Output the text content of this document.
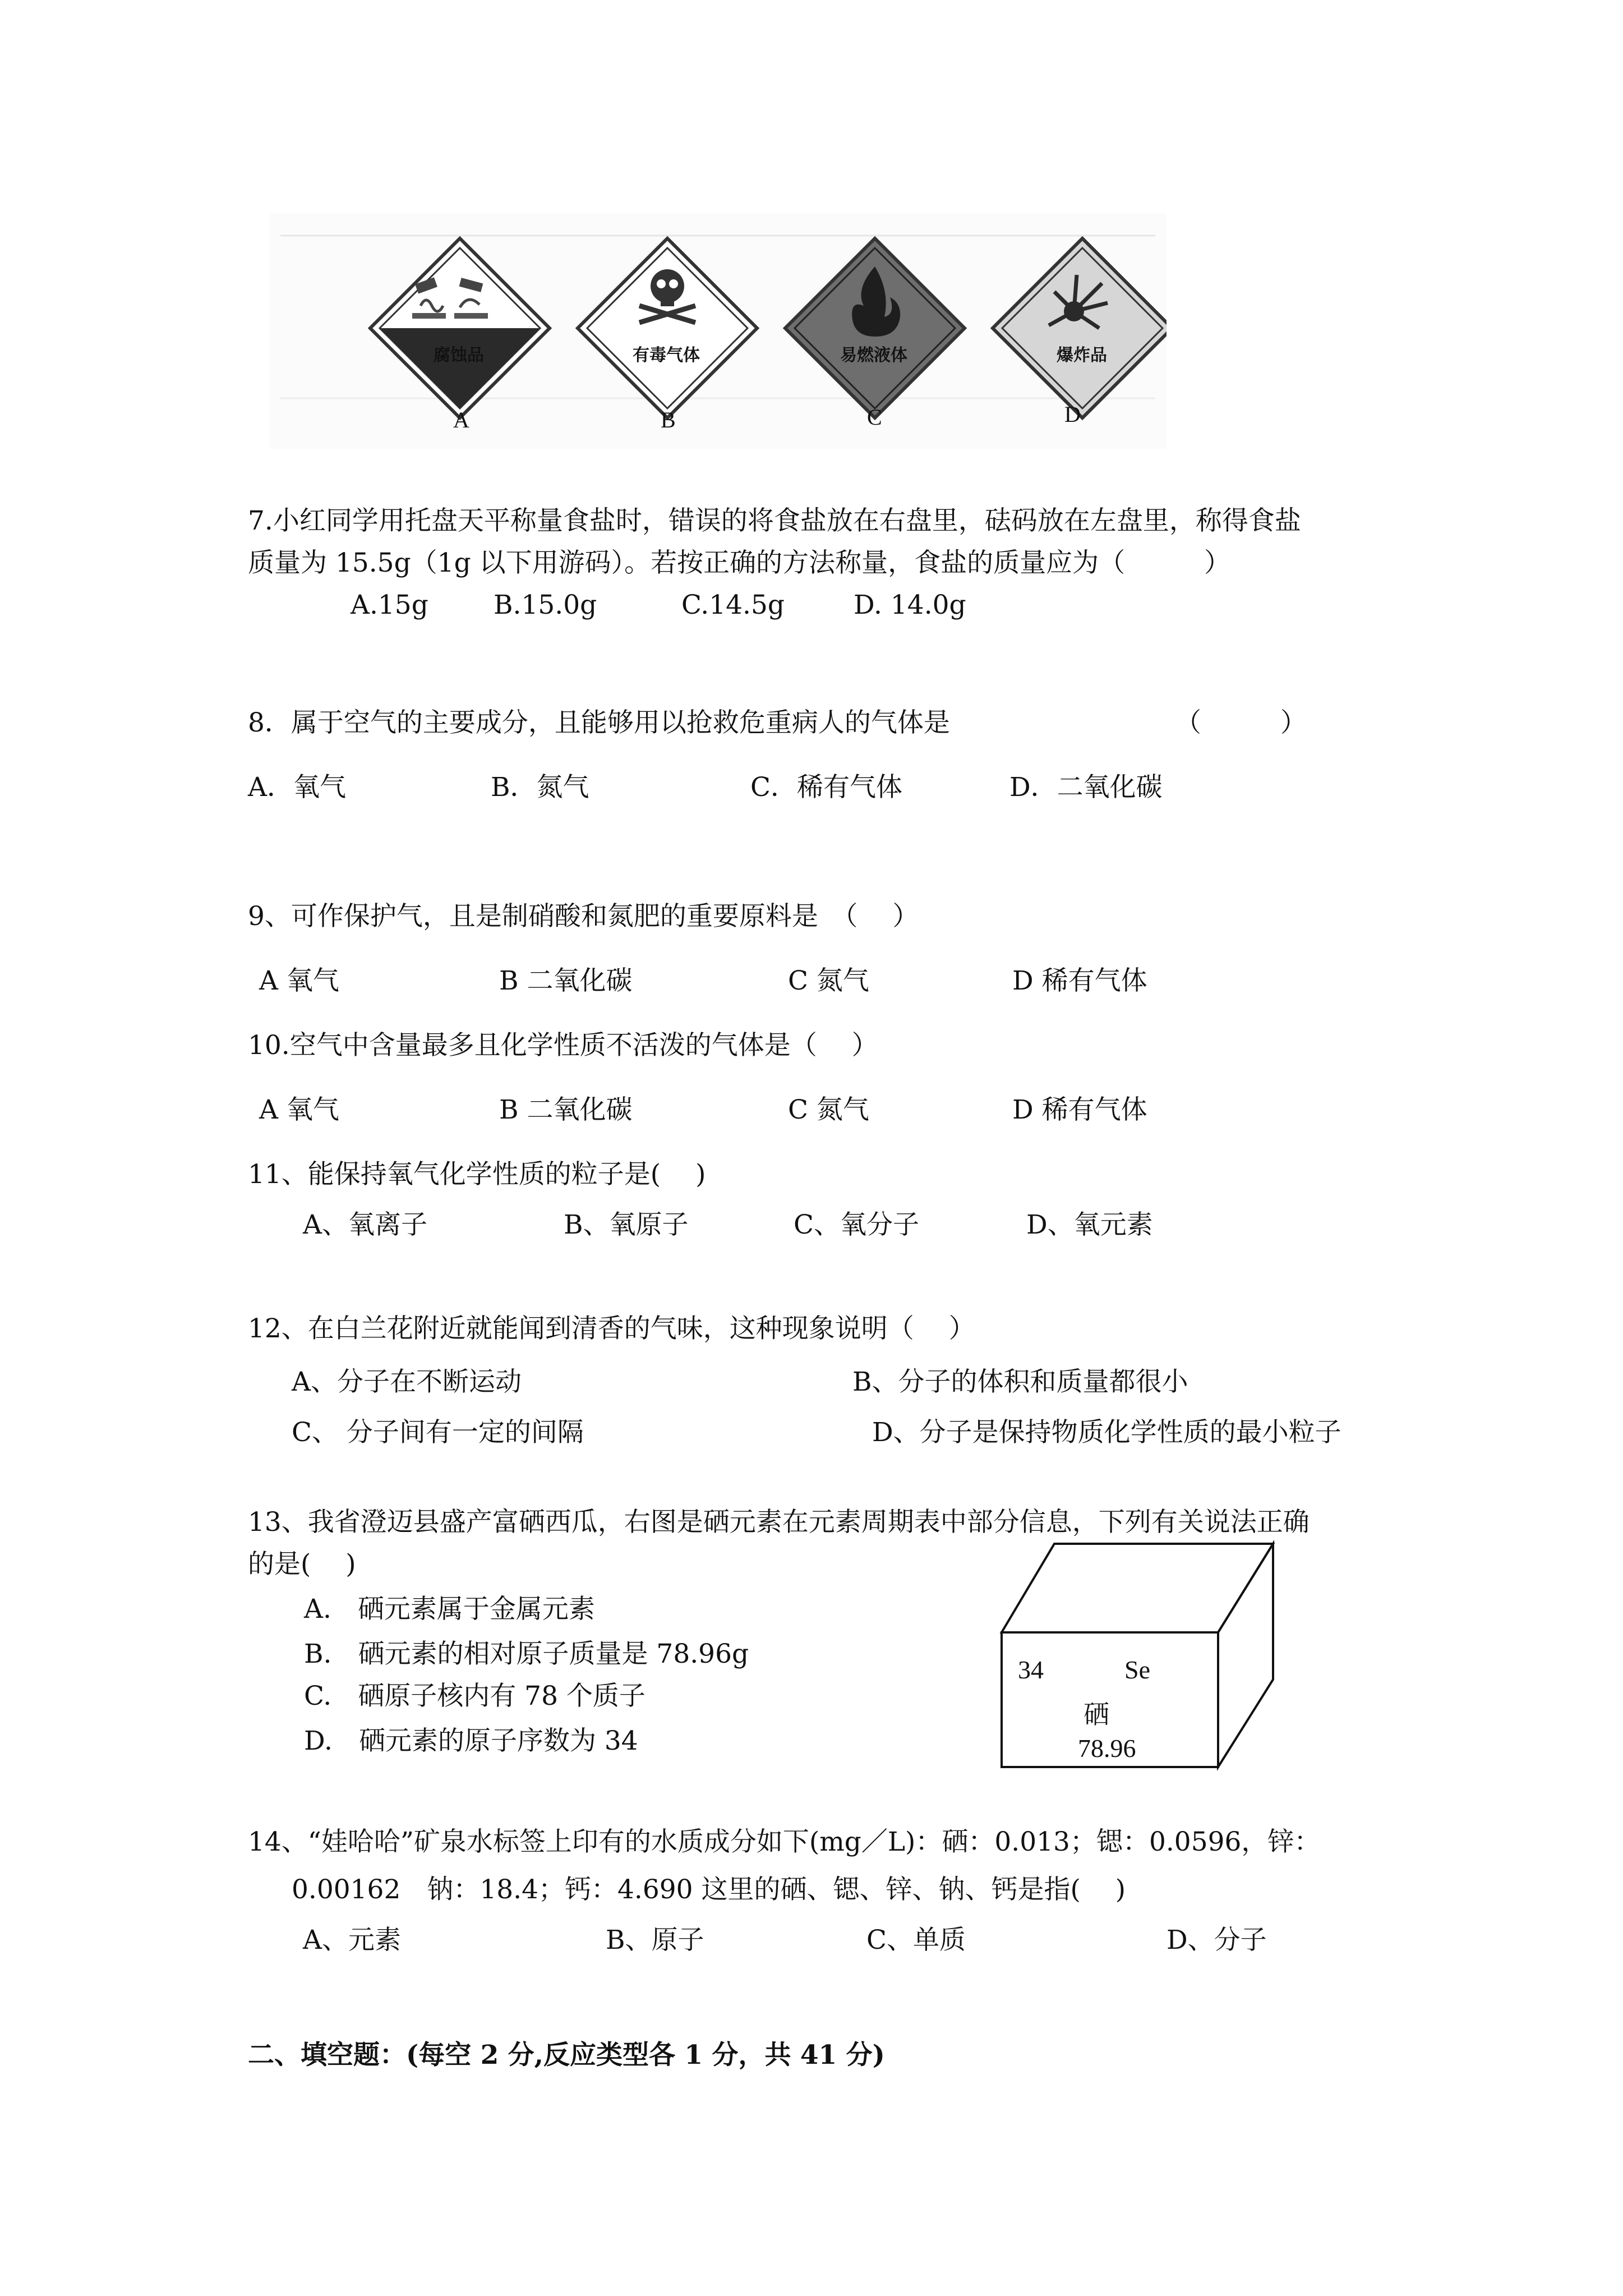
腐蚀品	有毒气体	易燃液体	爆炸品
A	B	C	D
7.小红同学用托盘天平称量食盐时，错误的将食盐放在右盘里，砝码放在左盘里，称得食盐
质量为 15.5g（1g 以下用游码）。若按正确的方法称量，食盐的质量应为（　　　）
A.15g B.15.0g	C.14.5g	D. 14.0g
8．属于空气的主要成分，且能够用以抢救危重病人的气体是	（　　　）
A．氧气	B．氮气	C．稀有气体	D．二氧化碳
9、可作保护气，且是制硝酸和氮肥的重要原料是　（　 ）
A 氧气	B 二氧化碳	C 氮气	D 稀有气体
10.空气中含量最多且化学性质不活泼的气体是（　 ）
A 氧气	B 二氧化碳	C 氮气	D 稀有气体
11、能保持氧气化学性质的粒子是(　 )
A、氧离子	B、氧原子	C、氧分子	D、氧元素
12、在白兰花附近就能闻到清香的气味，这种现象说明（　 ）
A、分子在不断运动	B、分子的体积和质量都很小
C、 分子间有一定的间隔	D、分子是保持物质化学性质的最小粒子
13、我省澄迈县盛产富硒西瓜，右图是硒元素在元素周期表中部分信息，下列有关说法正确
的是(　 )
A.　硒元素属于金属元素
B.　硒元素的相对原子质量是 78.96g
C.　硒原子核内有 78 个质子
D.　硒元素的原子序数为 34
34	Se
硒
78.96
14、“娃哈哈”矿泉水标签上印有的水质成分如下(mg／L)：硒：0.013；锶：0.0596，锌：
0.00162　钠：18.4；钙：4.690 这里的硒、锶、锌、钠、钙是指(　 )
A、元素	B、原子	C、单质	D、分子
二、填空题：(每空 2 分,反应类型各 1 分，共 41 分)
